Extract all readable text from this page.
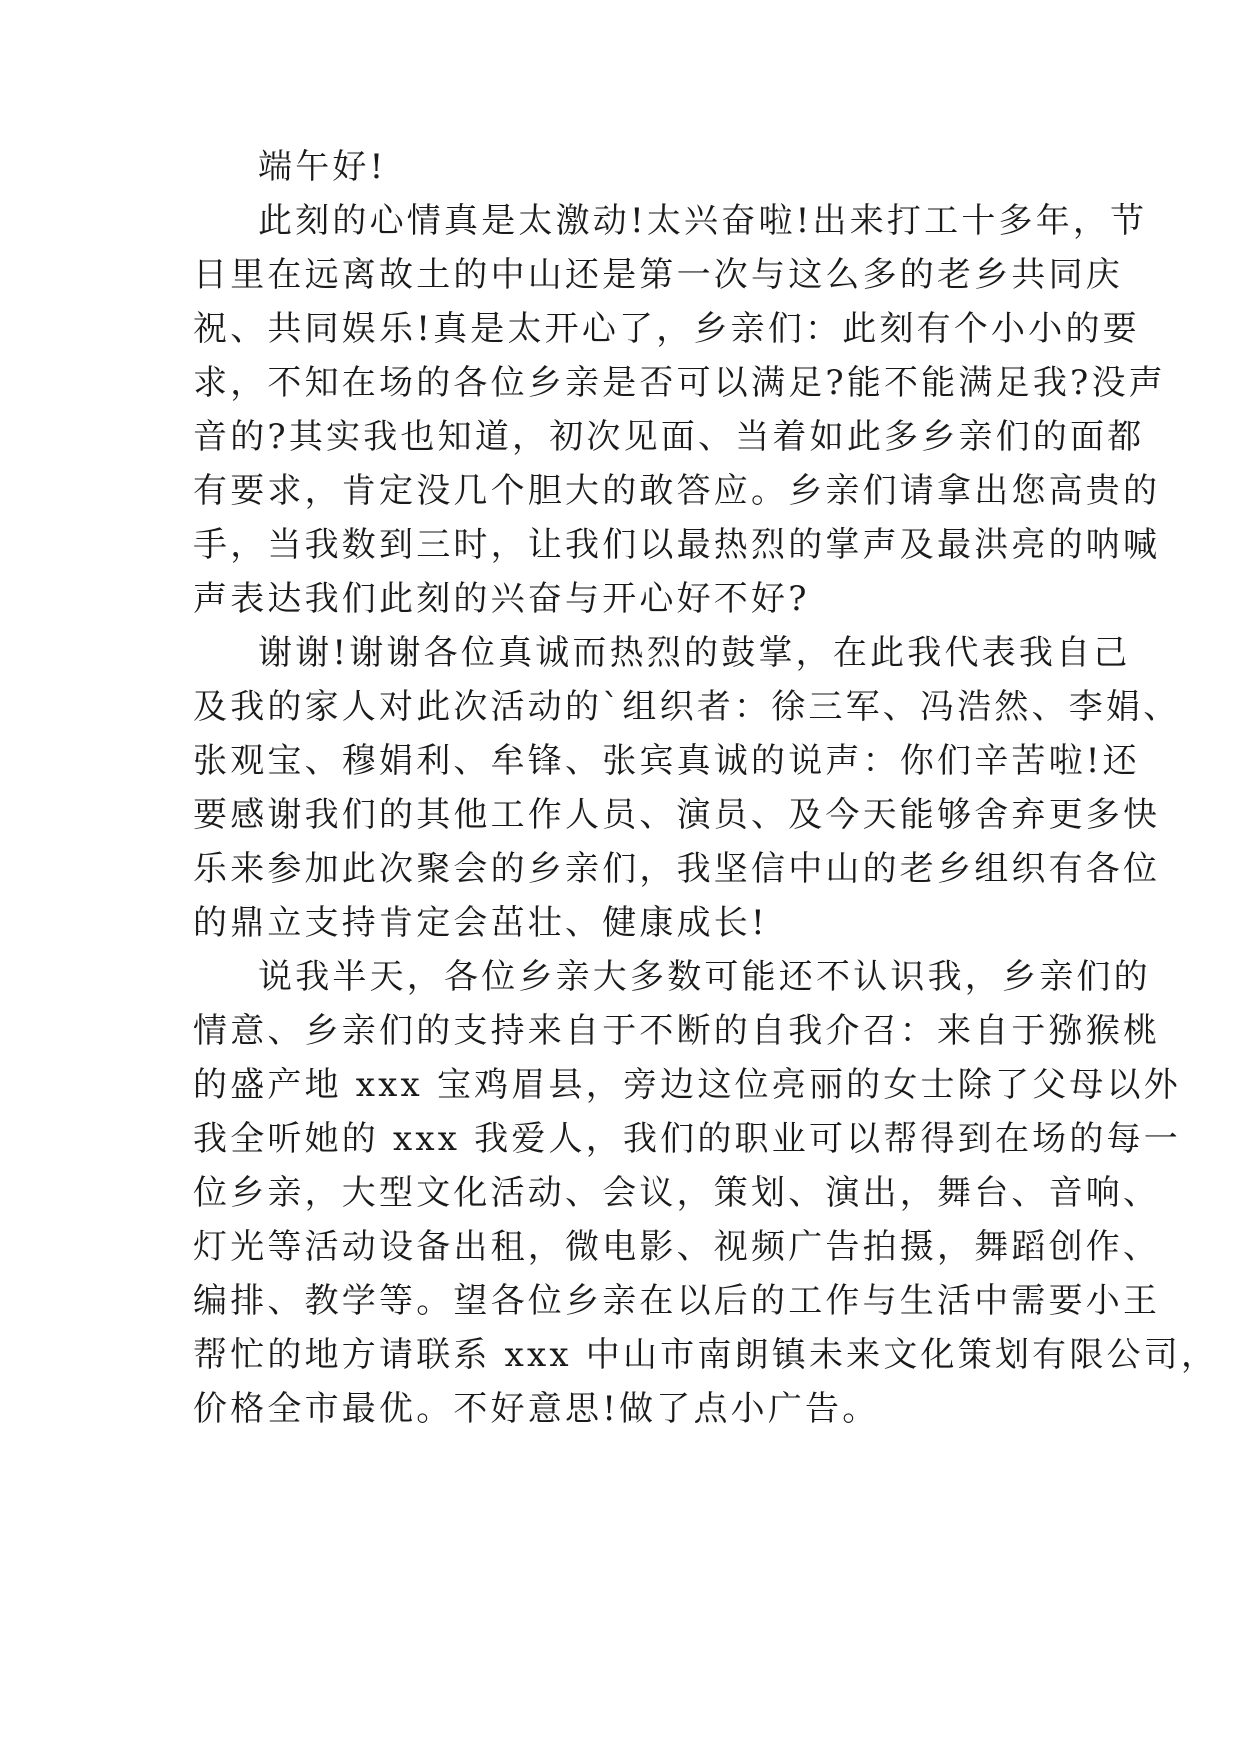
端午好!
此刻的心情真是太激动!太兴奋啦!出来打工十多年，节
日里在远离故土的中山还是第一次与这么多的老乡共同庆
祝、共同娱乐!真是太开心了，乡亲们：此刻有个小小的要
求，不知在场的各位乡亲是否可以满足?能不能满足我?没声
音的?其实我也知道，初次见面、当着如此多乡亲们的面都
有要求，肯定没几个胆大的敢答应。乡亲们请拿出您高贵的
手，当我数到三时，让我们以最热烈的掌声及最洪亮的呐喊
声表达我们此刻的兴奋与开心好不好?
谢谢!谢谢各位真诚而热烈的鼓掌，在此我代表我自己
及我的家人对此次活动的`组织者：徐三军、冯浩然、李娟、
张观宝、穆娟利、牟锋、张宾真诚的说声：你们辛苦啦!还
要感谢我们的其他工作人员、演员、及今天能够舍弃更多快
乐来参加此次聚会的乡亲们，我坚信中山的老乡组织有各位
的鼎立支持肯定会茁壮、健康成长!
说我半天，各位乡亲大多数可能还不认识我，乡亲们的
情意、乡亲们的支持来自于不断的自我介召：来自于猕猴桃
的盛产地 xxx 宝鸡眉县，旁边这位亮丽的女士除了父母以外
我全听她的 xxx 我爱人，我们的职业可以帮得到在场的每一
位乡亲，大型文化活动、会议，策划、演出，舞台、音响、
灯光等活动设备出租，微电影、视频广告拍摄，舞蹈创作、
编排、教学等。望各位乡亲在以后的工作与生活中需要小王
帮忙的地方请联系 xxx 中山市南朗镇未来文化策划有限公司，
价格全市最优。不好意思!做了点小广告。
